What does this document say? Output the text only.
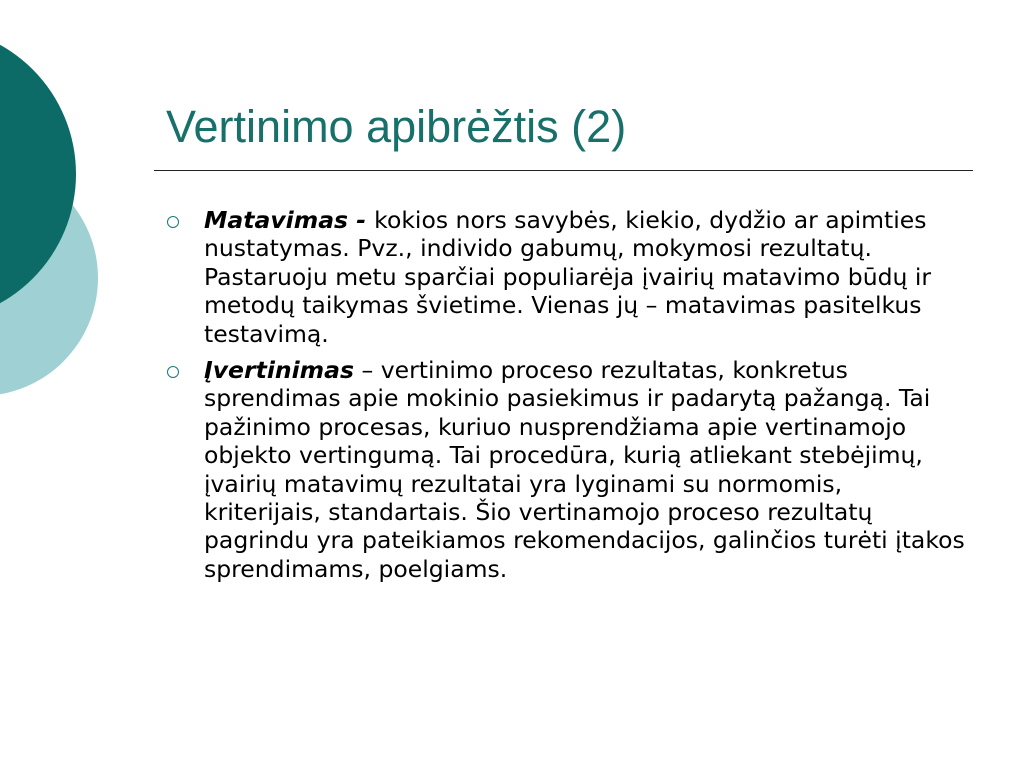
Vertinimo apibrėžtis (2)
Matavimas - kokios nors savybės, kiekio, dydžio ar apimties nustatymas. Pvz., individo gabumų, mokymosi rezultatų. Pastaruoju metu sparčiai populiarėja įvairių matavimo būdų ir metodų taikymas švietime. Vienas jų – matavimas pasitelkus testavimą.
Įvertinimas – vertinimo proceso rezultatas, konkretus sprendimas apie mokinio pasiekimus ir padarytą pažangą. Tai pažinimo procesas, kuriuo nusprendžiama apie vertinamojo objekto vertingumą. Tai procedūra, kurią atliekant stebėjimų, įvairių matavimų rezultatai yra lyginami su normomis, kriterijais, standartais. Šio vertinamojo proceso rezultatų pagrindu yra pateikiamos rekomendacijos, galinčios turėti įtakos sprendimams, poelgiams.
